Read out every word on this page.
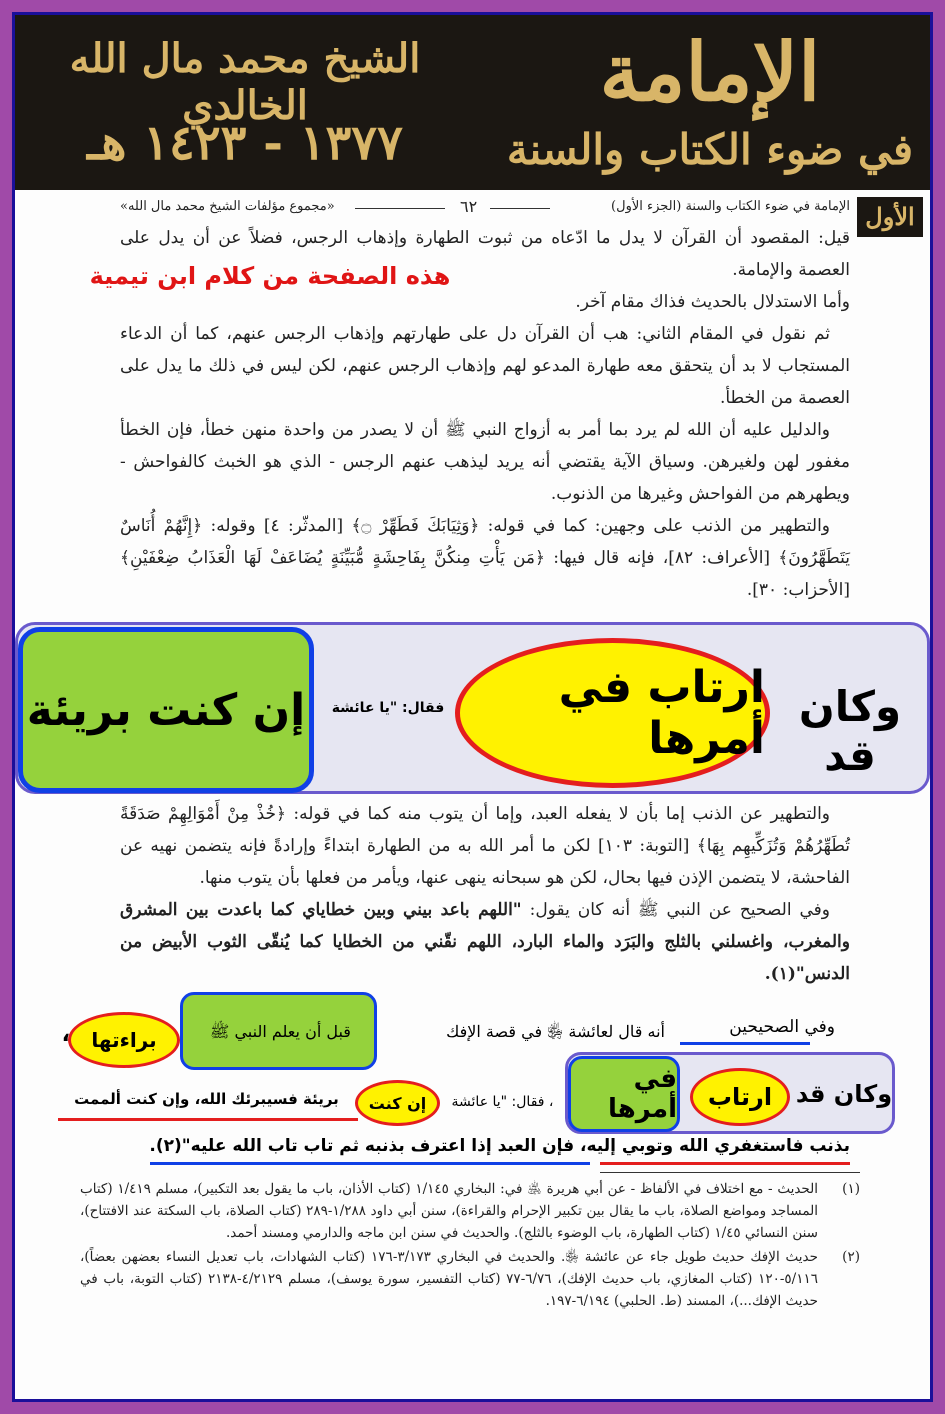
الشيخ محمد مال الله الخالدي
١٣٧٧ - ١٤٢٣ هـ
الإمامة
في ضوء الكتاب والسنة
الأول
الإمامة في ضوء الكتاب والسنة (الجزء الأول)
٦٢
«مجموع مؤلفات الشيخ محمد مال الله»

قيل: المقصود أن القرآن لا يدل ما ادّعاه من ثبوت الطهارة وإذهاب الرجس، فضلاً عن أن يدل على العصمة والإمامة.

وأما الاستدلال بالحديث فذاك مقام آخر.

ثم نقول في المقام الثاني: هب أن القرآن دل على طهارتهم وإذهاب الرجس عنهم، كما أن الدعاء المستجاب لا بد أن يتحقق معه طهارة المدعو لهم وإذهاب الرجس عنهم، لكن ليس في ذلك ما يدل على العصمة من الخطأ.

والدليل عليه أن الله لم يرد بما أمر به أزواج النبي ﷺ أن لا يصدر من واحدة منهن خطأ، فإن الخطأ مغفور لهن ولغيرهن. وسياق الآية يقتضي أنه يريد ليذهب عنهم الرجس - الذي هو الخبث كالفواحش - ويطهرهم من الفواحش وغيرها من الذنوب.

والتطهير من الذنب على وجهين: كما في قوله: ﴿وَثِيَابَكَ فَطَهِّرْ ۝﴾ [المدثّر: ٤] وقوله: ﴿إِنَّهُمْ أُنَاسٌ يَتَطَهَّرُونَ﴾ [الأعراف: ٨٢]، فإنه قال فيها: ﴿مَن يَأْتِ مِنكُنَّ بِفَاحِشَةٍ مُّبَيِّنَةٍ يُضَاعَفْ لَهَا الْعَذَابُ ضِعْفَيْنِ﴾ [الأحزاب: ٣٠].

هذه الصفحة من كلام ابن تيمية
إن كنت بريئة	فقال: "يا عائشة	ارتاب في أمرها
وكان قد

والتطهير عن الذنب إما بأن لا يفعله العبد، وإما أن يتوب منه كما في قوله: ﴿خُذْ مِنْ أَمْوَالِهِمْ صَدَقَةً تُطَهِّرُهُمْ وَتُزَكِّيهِم بِهَا﴾ [التوبة: ١٠٣] لكن ما أمر الله به من الطهارة ابتداءً وإرادةً فإنه يتضمن نهيه عن الفاحشة، لا يتضمن الإذن فيها بحال، لكن هو سبحانه ينهى عنها، ويأمر من فعلها بأن يتوب منها.

وفي الصحيح عن النبي ﷺ أنه كان يقول: "اللهم باعد بيني وبين خطاياي كما باعدت بين المشرق والمغرب، واغسلني بالثلج والبَرَد والماء البارد، اللهم نقّني من الخطايا كما يُنقّى الثوب الأبيض من الدنس"(١).

براءتها	قبل أن يعلم النبي ﷺ
،	أنه قال لعائشة ﵂ في قصة الإفك	وفي الصحيحين
في أمرها	ارتاب وكان قد
، فقال: "يا عائشة
إن كنت
بريئة فسيبرئك الله، وإن كنت ألممت
بذنب فاستغفري الله وتوبي إليه، فإن العبد إذا اعترف بذنبه ثم تاب تاب الله عليه"(٢).
(١)
الحديث - مع اختلاف في الألفاظ - عن أبي هريرة ﵁ في: البخاري ١/١٤٥ (كتاب الأذان، باب ما يقول بعد التكبير)، مسلم ١/٤١٩ (كتاب المساجد ومواضع الصلاة، باب ما يقال بين تكبير الإحرام والقراءة)، سنن أبي داود ١/٢٨٨-٢٨٩ (كتاب الصلاة، باب السكتة عند الافتتاح)، سنن النسائي ١/٤٥ (كتاب الطهارة، باب الوضوء بالثلج). والحديث في سنن ابن ماجه والدارمي ومسند أحمد.
(٢)
حديث الإفك حديث طويل جاء عن عائشة ﵂. والحديث في البخاري ٣/١٧٣-١٧٦ (كتاب الشهادات، باب تعديل النساء بعضهن بعضاً)، ٥/١١٦-١٢٠ (كتاب المغازي، باب حديث الإفك)، ٦/٧٦-٧٧ (كتاب التفسير، سورة يوسف)، مسلم ٤/٢١٢٩-٢١٣٨ (كتاب التوبة، باب في حديث الإفك...)، المسند (ط. الحلبي) ٦/١٩٤-١٩٧.
